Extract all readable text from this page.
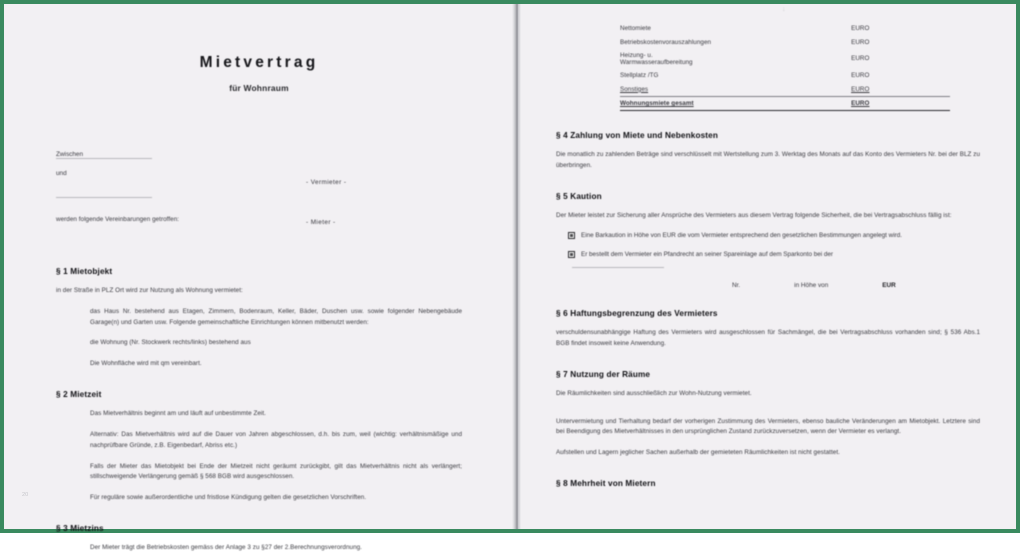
Mietvertrag
für Wohnraum
Zwischen
- Vermieter -
und
- Mieter -
werden folgende Vereinbarungen getroffen:
§ 1 Mietobjekt
in der Straße in PLZ Ort wird zur Nutzung als Wohnung vermietet:
das Haus Nr. bestehend aus Etagen, Zimmern, Bodenraum, Keller, Bäder, Duschen usw. sowie folgender Nebengebäude Garage(n) und Garten usw. Folgende gemeinschaftliche Einrichtungen können mitbenutzt werden:
die Wohnung (Nr. Stockwerk rechts/links) bestehend aus
Die Wohnfläche wird mit qm vereinbart.
§ 2 Mietzeit
Das Mietverhältnis beginnt am und läuft auf unbestimmte Zeit.
Alternativ: Das Mietverhältnis wird auf die Dauer von Jahren abgeschlossen, d.h. bis zum, weil (wichtig: verhältnismäßige und nachprüfbare Gründe, z.B. Eigenbedarf, Abriss etc.)
Falls der Mieter das Mietobjekt bei Ende der Mietzeit nicht geräumt zurückgibt, gilt das Mietverhältnis nicht als verlängert; stillschweigende Verlängerung gemäß § 568 BGB wird ausgeschlossen.
Für reguläre sowie außerordentliche und fristlose Kündigung gelten die gesetzlichen Vorschriften.
§ 3 Mietzins
Der Mieter trägt die Betriebskosten gemäss der Anlage 3 zu §27 der 2.Berechnungsverordnung.
20
↓
Nettomiete	EURO
Betriebskostenvorauszahlungen	EURO
Heizung- u. Warmwasseraufbereitung	EURO
Stellplatz /TG	EURO
Sonstiges	EURO
Wohnungsmiete gesamt	EURO
§ 4 Zahlung von Miete und Nebenkosten
Die monatlich zu zahlenden Beträge sind verschlüsselt mit Wertstellung zum 3. Werktag des Monats auf das Konto des Vermieters Nr. bei der BLZ zu überbringen.
§ 5 Kaution
Der Mieter leistet zur Sicherung aller Ansprüche des Vermieters aus diesem Vertrag folgende Sicherheit, die bei Vertragsabschluss fällig ist:
Eine Barkaution in Höhe von EUR die vom Vermieter entsprechend den gesetzlichen Bestimmungen angelegt wird.
Er bestellt dem Vermieter ein Pfandrecht an seiner Spareinlage auf dem Sparkonto bei der
Nr.	in Höhe von	EUR
§ 6 Haftungsbegrenzung des Vermieters
verschuldensunabhängige Haftung des Vermieters wird ausgeschlossen für Sachmängel, die bei Vertragsabschluss vorhanden sind; § 536 Abs.1 BGB findet insoweit keine Anwendung.
§ 7 Nutzung der Räume
Die Räumlichkeiten sind ausschließlich zur Wohn-Nutzung vermietet.
Untervermietung und Tierhaltung bedarf der vorherigen Zustimmung des Vermieters, ebenso bauliche Veränderungen am Mietobjekt. Letztere sind bei Beendigung des Mietverhältnisses in den ursprünglichen Zustand zurückzuversetzen, wenn der Vermieter es verlangt.
Aufstellen und Lagern jeglicher Sachen außerhalb der gemieteten Räumlichkeiten ist nicht gestattet.
§ 8 Mehrheit von Mietern
